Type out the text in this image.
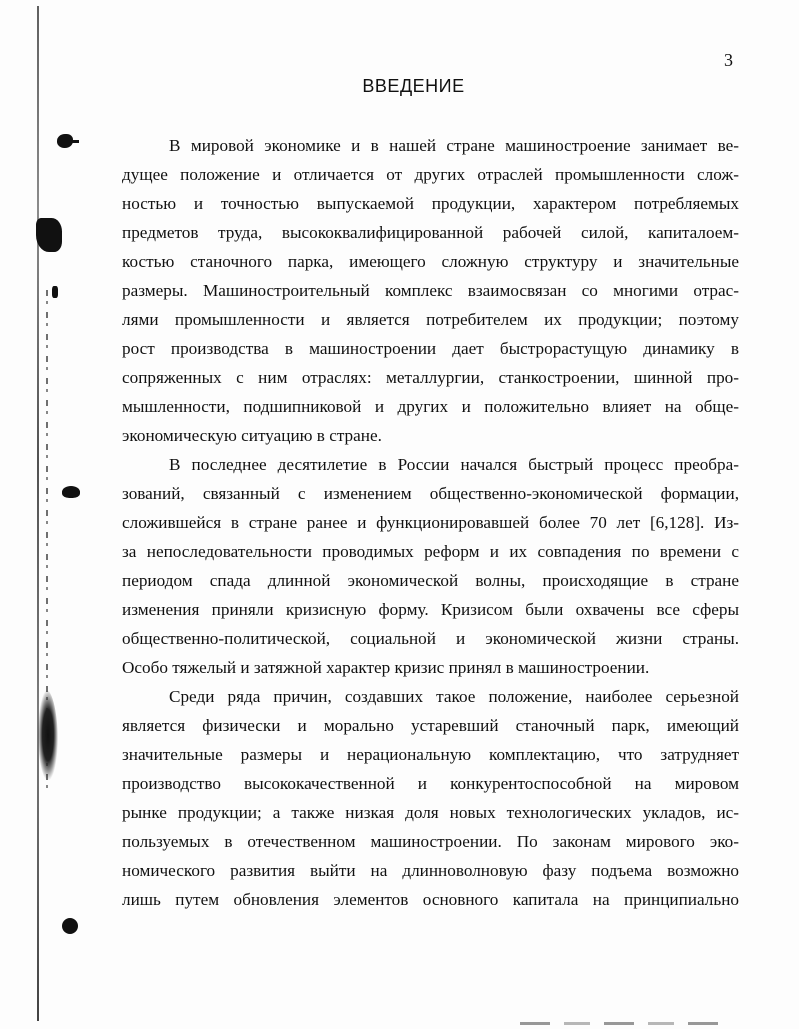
3
ВВЕДЕНИЕ
В мировой экономике и в нашей стране машиностроение занимает ве-
дущее положение и отличается от других отраслей промышленности слож-
ностью и точностью выпускаемой продукции, характером потребляемых
предметов труда, высококвалифицированной рабочей силой, капиталоем-
костью станочного парка, имеющего сложную структуру и значительные
размеры. Машиностроительный комплекс взаимосвязан со многими отрас-
лями промышленности и является потребителем их продукции; поэтому
рост производства в машиностроении дает быстрорастущую динамику в
сопряженных с ним отраслях: металлургии, станкостроении, шинной про-
мышленности, подшипниковой и других и положительно влияет на обще-
экономическую ситуацию в стране.
В последнее десятилетие в России начался быстрый процесс преобра-
зований, связанный с изменением общественно-экономической формации,
сложившейся в стране ранее и функционировавшей более 70 лет [6,128]. Из-
за непоследовательности проводимых реформ и их совпадения по времени с
периодом спада длинной экономической волны, происходящие в стране
изменения приняли кризисную форму. Кризисом были охвачены все сферы
общественно-политической, социальной и экономической жизни страны.
Особо тяжелый и затяжной характер кризис принял в машиностроении.
Среди ряда причин, создавших такое положение, наиболее серьезной
является физически и морально устаревший станочный парк, имеющий
значительные размеры и нерациональную комплектацию, что затрудняет
производство высококачественной и конкурентоспособной на мировом
рынке продукции; а также низкая доля новых технологических укладов, ис-
пользуемых в отечественном машиностроении. По законам мирового эко-
номического развития выйти на длинноволновую фазу подъема возможно
лишь путем обновления элементов основного капитала на принципиально
